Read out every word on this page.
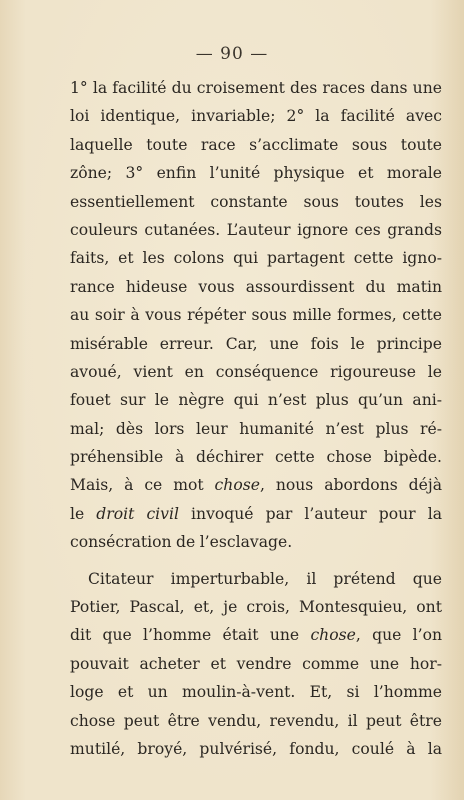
— 90 —
1° la facilité du croisement des races dans une
loi identique, invariable; 2° la facilité avec
laquelle toute race s’acclimate sous toute
zône; 3° enfin l’unité physique et morale
essentiellement constante sous toutes les
couleurs cutanées. L’auteur ignore ces grands
faits, et les colons qui partagent cette igno-
rance hideuse vous assourdissent du matin
au soir à vous répéter sous mille formes, cette
misérable erreur. Car, une fois le principe
avoué, vient en conséquence rigoureuse le
fouet sur le nègre qui n’est plus qu’un ani-
mal; dès lors leur humanité n’est plus ré-
préhensible à déchirer cette chose bipède.
Mais, à ce mot chose, nous abordons déjà
le droit civil invoqué par l’auteur pour la
consécration de l’esclavage.
Citateur imperturbable, il prétend que
Potier, Pascal, et, je crois, Montesquieu, ont
dit que l’homme était une chose, que l’on
pouvait acheter et vendre comme une hor-
loge et un moulin-à-vent. Et, si l’homme
chose peut être vendu, revendu, il peut être
mutilé, broyé, pulvérisé, fondu, coulé à la
